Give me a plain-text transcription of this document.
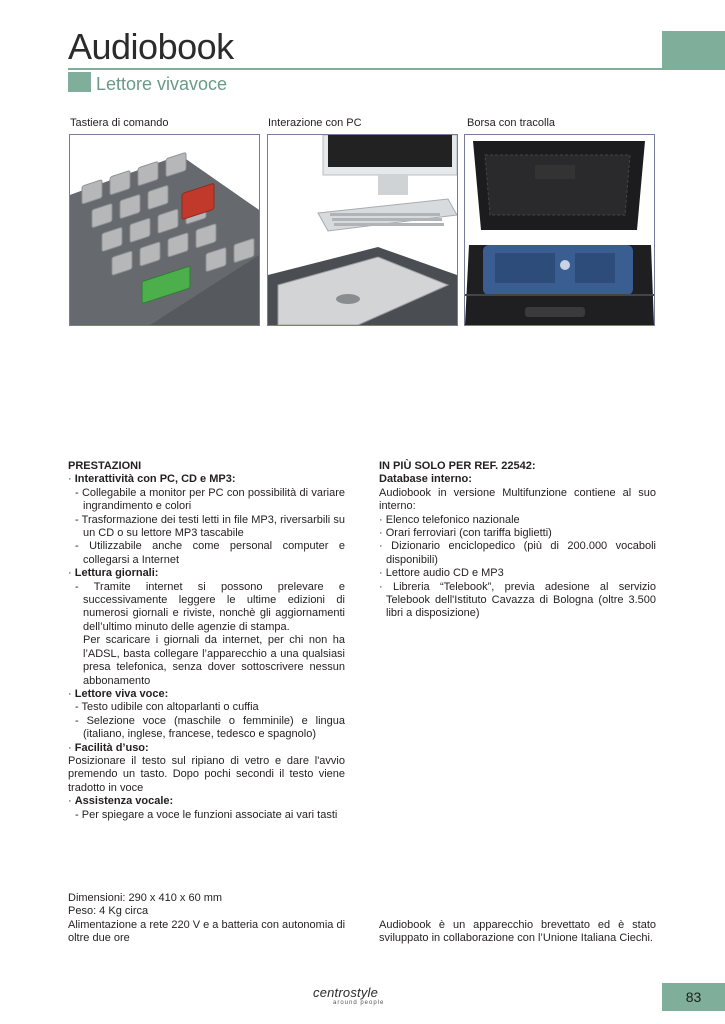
Audiobook
Lettore vivavoce
Tastiera di comando	Interazione con PC	Borsa con tracolla
PRESTAZIONI
· Interattività con PC, CD e MP3:
- Collegabile a monitor per PC con possibilità di variare ingrandimento e colori
- Trasformazione dei testi letti in file MP3, riversarbili su un CD o su lettore MP3 tascabile
- Utilizzabile anche come personal computer e collegarsi a Internet
· Lettura giornali:
- Tramite internet si possono prelevare e successivamente leggere le ultime edizioni di numerosi giornali e riviste, nonchè gli aggiornamenti dell’ultimo minuto delle agenzie di stampa.
Per scaricare i giornali da internet, per chi non ha l’ADSL, basta collegare l’apparecchio a una qualsiasi presa telefonica, senza dover sottoscrivere nessun abbonamento
· Lettore viva voce:
- Testo udibile con altoparlanti o cuffia
- Selezione voce (maschile o femminile) e lingua (italiano, inglese, francese, tedesco e spagnolo)
· Facilità d’uso:
Posizionare il testo sul ripiano di vetro e dare l'avvio premendo un tasto. Dopo pochi secondi il testo viene tradotto in voce
· Assistenza vocale:
- Per spiegare a voce le funzioni associate ai vari tasti
IN PIÙ SOLO PER REF. 22542:
Database interno:
Audiobook in versione Multifunzione contiene al suo interno:
· Elenco telefonico nazionale
· Orari ferroviari (con tariffa biglietti)
· Dizionario enciclopedico (più di 200.000 vocaboli disponibili)
· Lettore audio CD e MP3
· Libreria “Telebook”, previa adesione al servizio Telebook dell'Istituto Cavazza di Bologna (oltre 3.500 libri a disposizione)
Dimensioni: 290 x 410 x 60 mm
Peso: 4 Kg circa
Alimentazione a rete 220 V e a batteria con autonomia di oltre due ore
Audiobook è un apparecchio brevettato ed è stato sviluppato in collaborazione con l’Unione Italiana Ciechi.
centrostyle
around people	83
